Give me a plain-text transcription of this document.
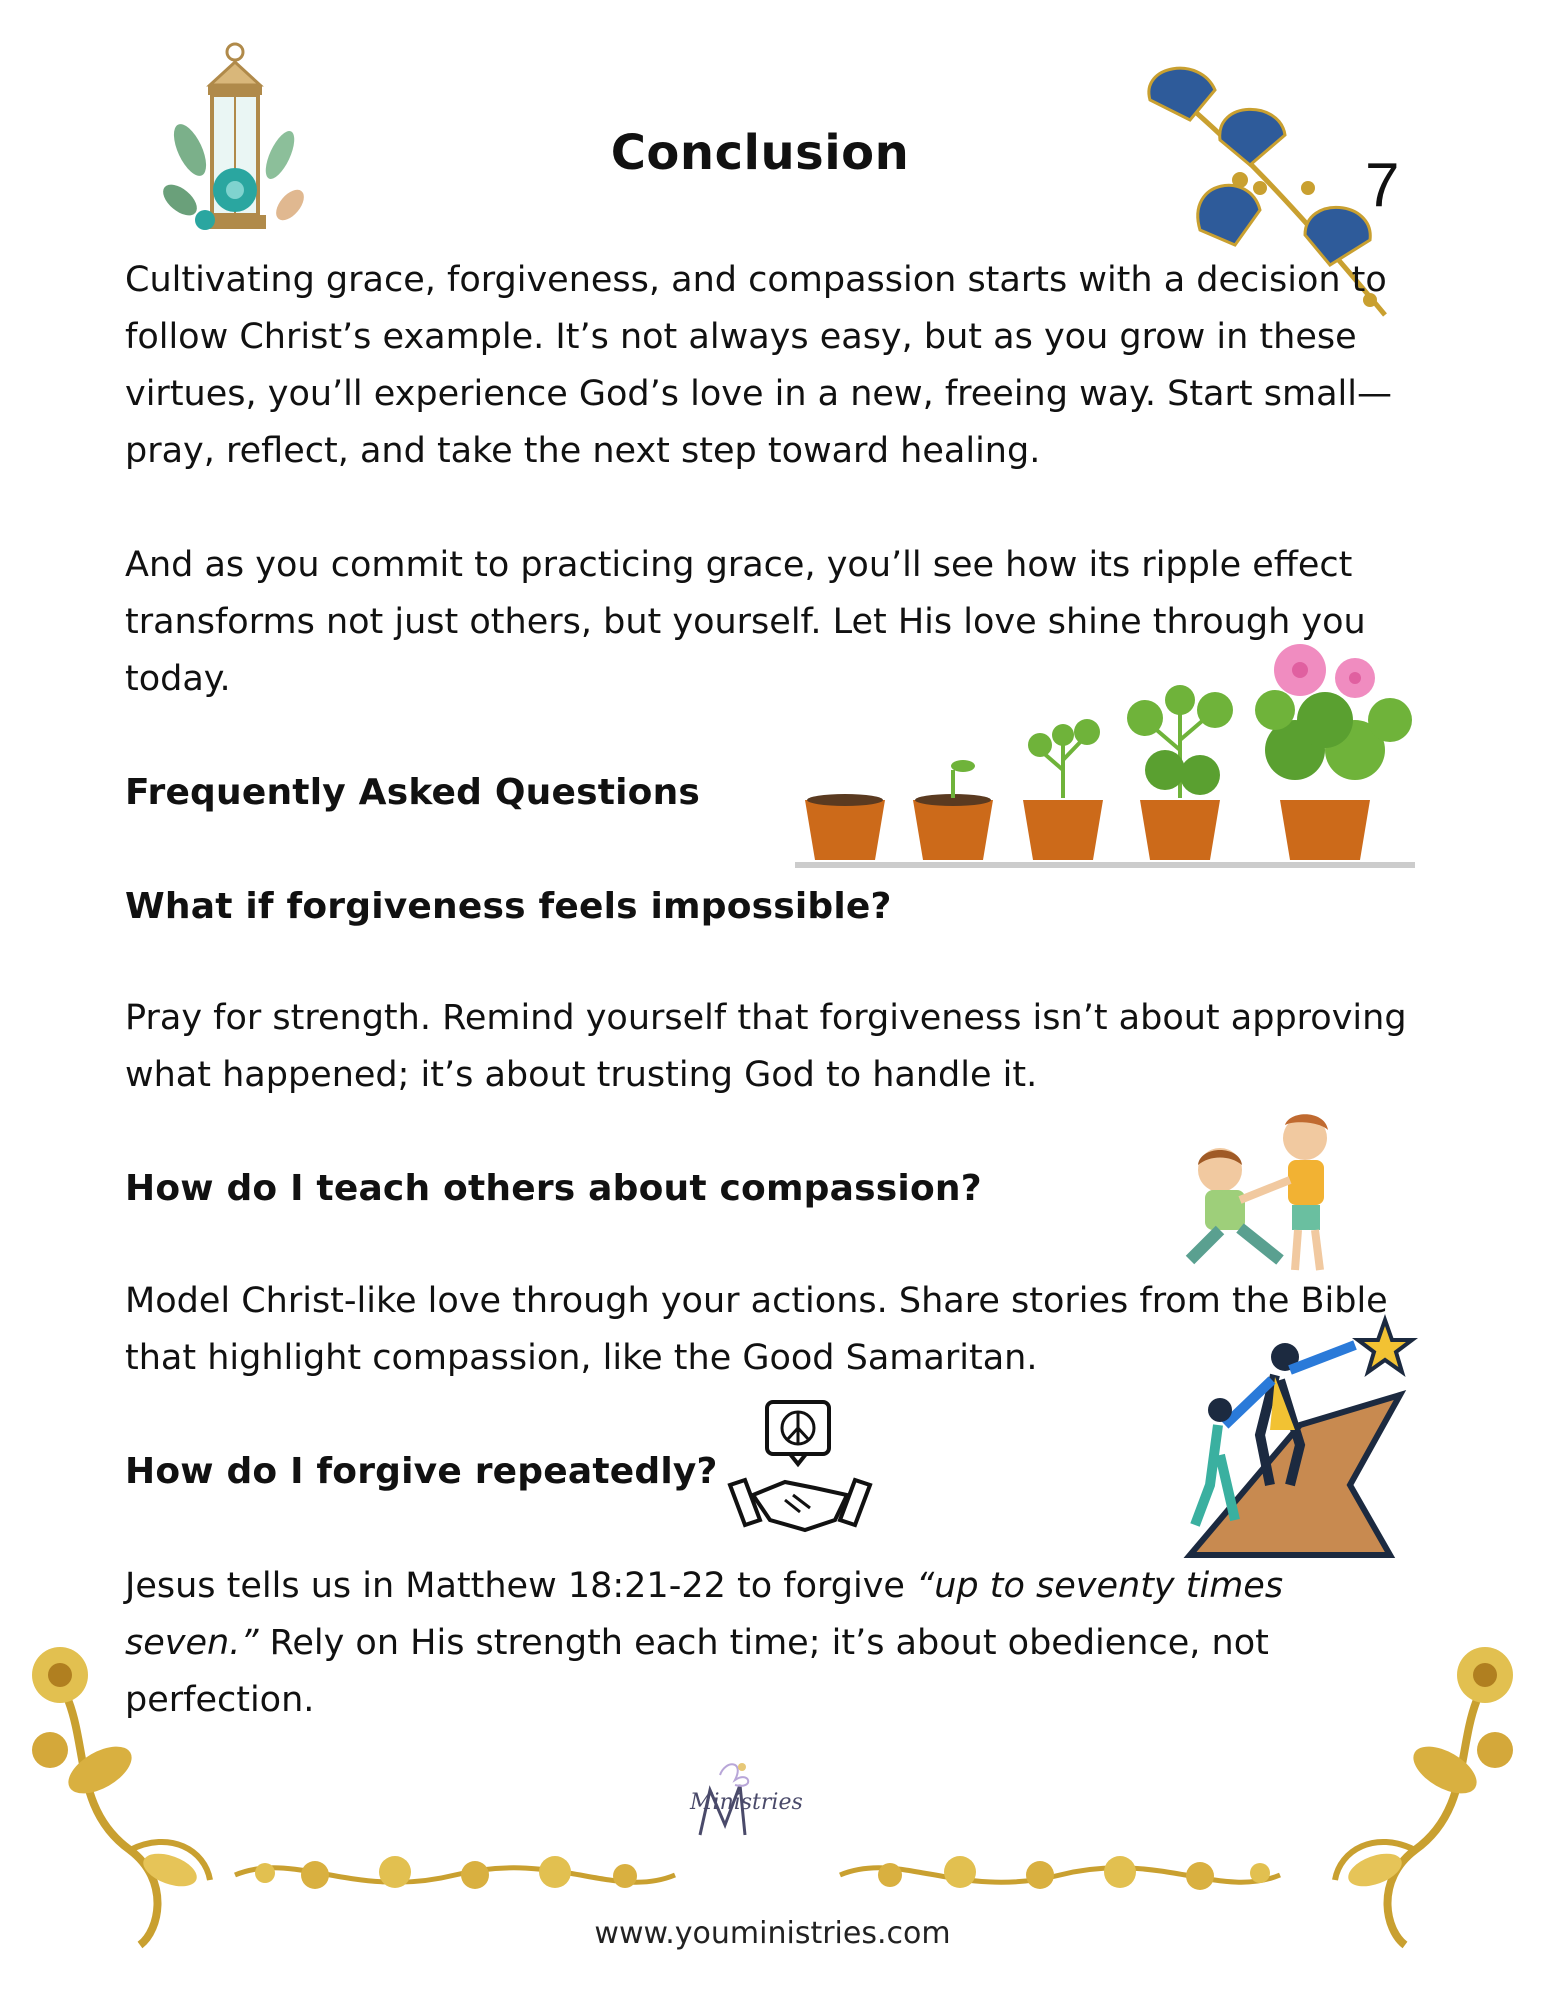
Conclusion	7

Cultivating grace, forgiveness, and compassion starts with a decision to follow Christ’s example. It’s not always easy, but as you grow in these virtues, you’ll experience God’s love in a new, freeing way. Start small—pray, reflect, and take the next step toward healing.

And as you commit to practicing grace, you’ll see how its ripple effect transforms not just others, but yourself. Let His love shine through you today.

Frequently Asked Questions
What if forgiveness feels impossible?

Pray for strength. Remind yourself that forgiveness isn’t about approving what happened; it’s about trusting God to handle it.

How do I teach others about compassion?

Model Christ-like love through your actions. Share stories from the Bible that highlight compassion, like the Good Samaritan.

How do I forgive repeatedly?

Jesus tells us in Matthew 18:21-22 to forgive “up to seventy times seven.” Rely on His strength each time; it’s about obedience, not perfection.

Ministries
www.youministries.com
